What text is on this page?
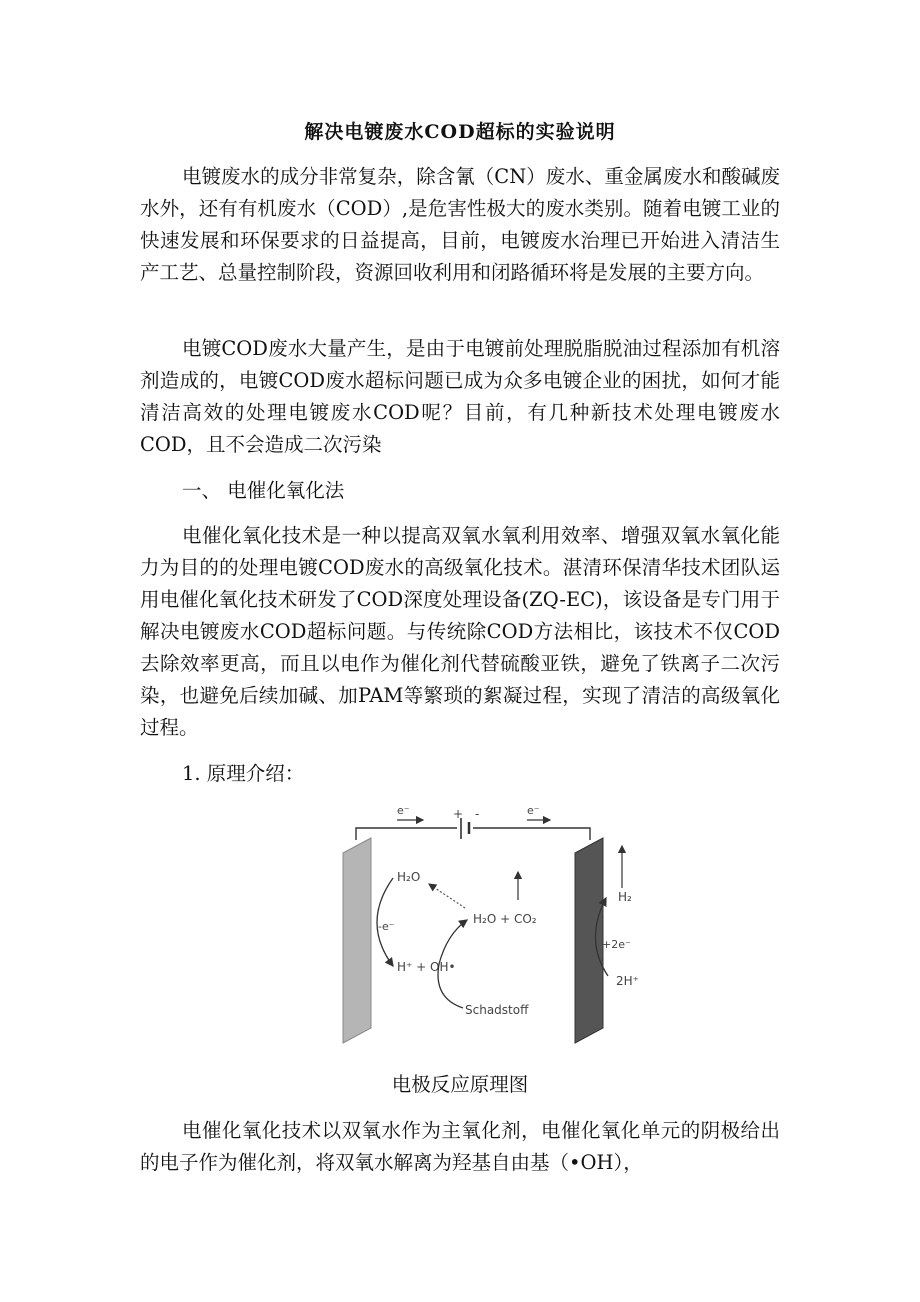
解决电镀废水COD超标的实验说明

电镀废水的成分非常复杂，除含氰（CN）废水、重金属废水和酸碱废水外，还有有机废水（COD）,是危害性极大的废水类别。随着电镀工业的快速发展和环保要求的日益提高，目前，电镀废水治理已开始进入清洁生产工艺、总量控制阶段，资源回收利用和闭路循环将是发展的主要方向。

电镀COD废水大量产生，是由于电镀前处理脱脂脱油过程添加有机溶剂造成的，电镀COD废水超标问题已成为众多电镀企业的困扰，如何才能清洁高效的处理电镀废水COD呢？目前，有几种新技术处理电镀废水COD，且不会造成二次污染

一、 电催化氧化法

电催化氧化技术是一种以提高双氧水氧利用效率、增强双氧水氧化能力为目的的处理电镀COD废水的高级氧化技术。湛清环保清华技术团队运用电催化氧化技术研发了COD深度处理设备(ZQ-EC)，该设备是专门用于解决电镀废水COD超标问题。与传统除COD方法相比，该技术不仅COD去除效率更高，而且以电作为催化剂代替硫酸亚铁，避免了铁离子二次污染，也避免后续加碱、加PAM等繁琐的絮凝过程，实现了清洁的高级氧化过程。

1. 原理介绍：
+ -
e⁻	e⁻
H₂O
-e⁻
H⁺ + OH•
H₂O + CO₂
Schadstoff
H₂
+2e⁻
2H⁺
电极反应原理图

电催化氧化技术以双氧水作为主氧化剂，电催化氧化单元的阴极给出的电子作为催化剂，将双氧水解离为羟基自由基（•OH），
